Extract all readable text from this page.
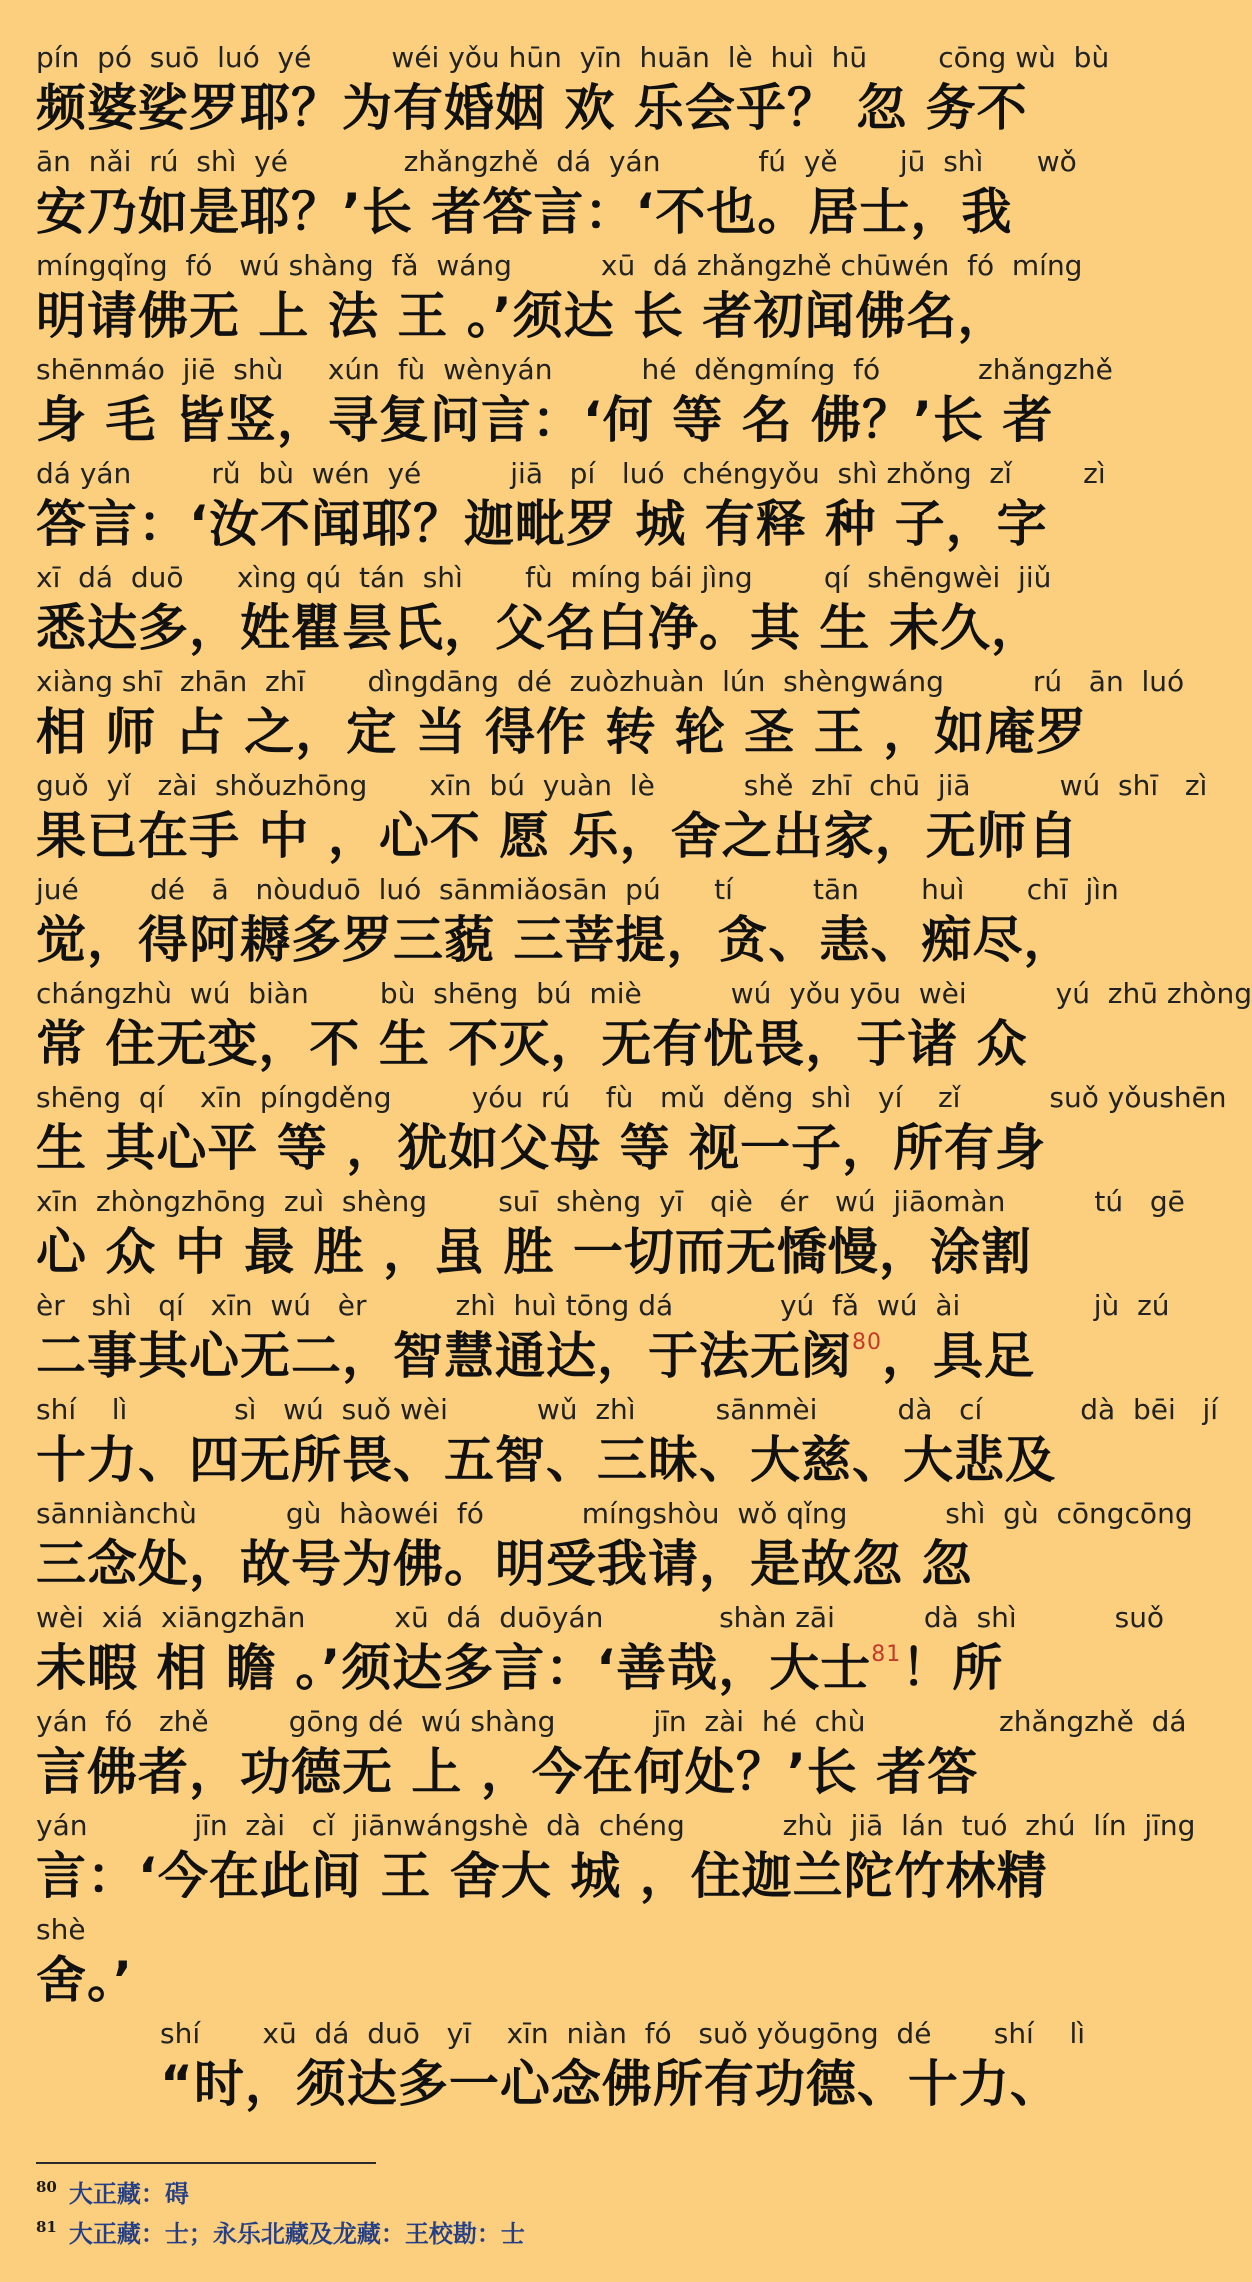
pín  pó  suō  luó  yé         wéi yǒu hūn  yīn  huān  lè  huì  hū        cōng wù  bù
频婆娑罗耶？为有婚姻 欢 乐会乎？ 忽 务不
ān  nǎi  rú  shì  yé             zhǎngzhě  dá  yán           fú  yě       jū  shì      wǒ
安乃如是耶？’长 者答言：‘不也。居士，我
míngqǐng  fó   wú shàng  fǎ  wáng          xū  dá zhǎngzhě chūwén  fó  míng
明请佛无 上 法 王 。’须达 长 者初闻佛名，
shēnmáo  jiē  shù     xún  fù  wènyán          hé  děngmíng  fó           zhǎngzhě
身 毛 皆竖，寻复问言：‘何 等 名 佛？’长 者
dá yán         rǔ  bù  wén  yé          jiā   pí   luó  chéngyǒu  shì zhǒng  zǐ        zì
答言：‘汝不闻耶？迦毗罗 城 有释 种 子，字
xī  dá  duō      xìng qú  tán  shì       fù  míng bái jìng        qí  shēngwèi  jiǔ
悉达多，姓瞿昙氏，父名白净。其 生 未久，
xiàng shī  zhān  zhī       dìngdāng  dé  zuòzhuàn  lún  shèngwáng          rú   ān  luó
相 师 占 之，定 当 得作 转 轮 圣 王 ，如庵罗
guǒ  yǐ   zài  shǒuzhōng       xīn  bú  yuàn  lè          shě  zhī  chū  jiā          wú  shī   zì
果已在手 中 ，心不 愿 乐，舍之出家，无师自
jué        dé   ā   nòuduō  luó  sānmiǎosān  pú      tí         tān       huì       chī  jìn
觉，得阿耨多罗三藐 三菩提，贪、恚、痴尽，
chángzhù  wú  biàn        bù  shēng  bú  miè          wú  yǒu yōu  wèi          yú  zhū zhòng
常 住无变，不 生 不灭，无有忧畏，于诸 众
shēng  qí    xīn  píngděng         yóu  rú    fù   mǔ  děng  shì   yí    zǐ          suǒ yǒushēn
生 其心平 等 ，犹如父母 等 视一子，所有身
xīn  zhòngzhōng  zuì  shèng        suī  shèng  yī   qiè   ér   wú  jiāomàn          tú   gē
心 众 中 最 胜 ，虽 胜 一切而无憍慢，涂割
èr   shì   qí   xīn  wú   èr          zhì  huì tōng dá            yú  fǎ  wú  ài               jù  zú
二事其心无二，智慧通达，于法无阂$^{80}$，具足
shí    lì            sì   wú  suǒ wèi          wǔ  zhì         sānmèi         dà   cí           dà  bēi   jí
十力、四无所畏、五智、三昧、大慈、大悲及
sānniànchù          gù  hàowéi  fó           míngshòu  wǒ qǐng           shì  gù  cōngcōng
三念处，故号为佛。明受我请，是故忽 忽
wèi  xiá  xiāngzhān          xū  dá  duōyán             shàn zāi          dà  shì           suǒ
未暇 相 瞻 。’须达多言：‘善哉，大士$^{81}$！所
yán  fó   zhě         gōng dé  wú shàng           jīn  zài  hé  chù               zhǎngzhě  dá
言佛者，功德无 上 ，今在何处？’长 者答
yán            jīn  zài   cǐ  jiānwángshè  dà  chéng           zhù  jiā  lán  tuó  zhú  lín  jīng
言：‘今在此间 王 舍大 城 ，住迦兰陀竹林精
shè
舍。’
shí       xū  dá  duō   yī    xīn  niàn  fó   suǒ yǒugōng  dé       shí    lì
“时，须达多一心念佛所有功德、十力、
$^{80}$ 大正藏：碍
$^{81}$ 大正藏：士；永乐北藏及龙藏：王校勘：士
